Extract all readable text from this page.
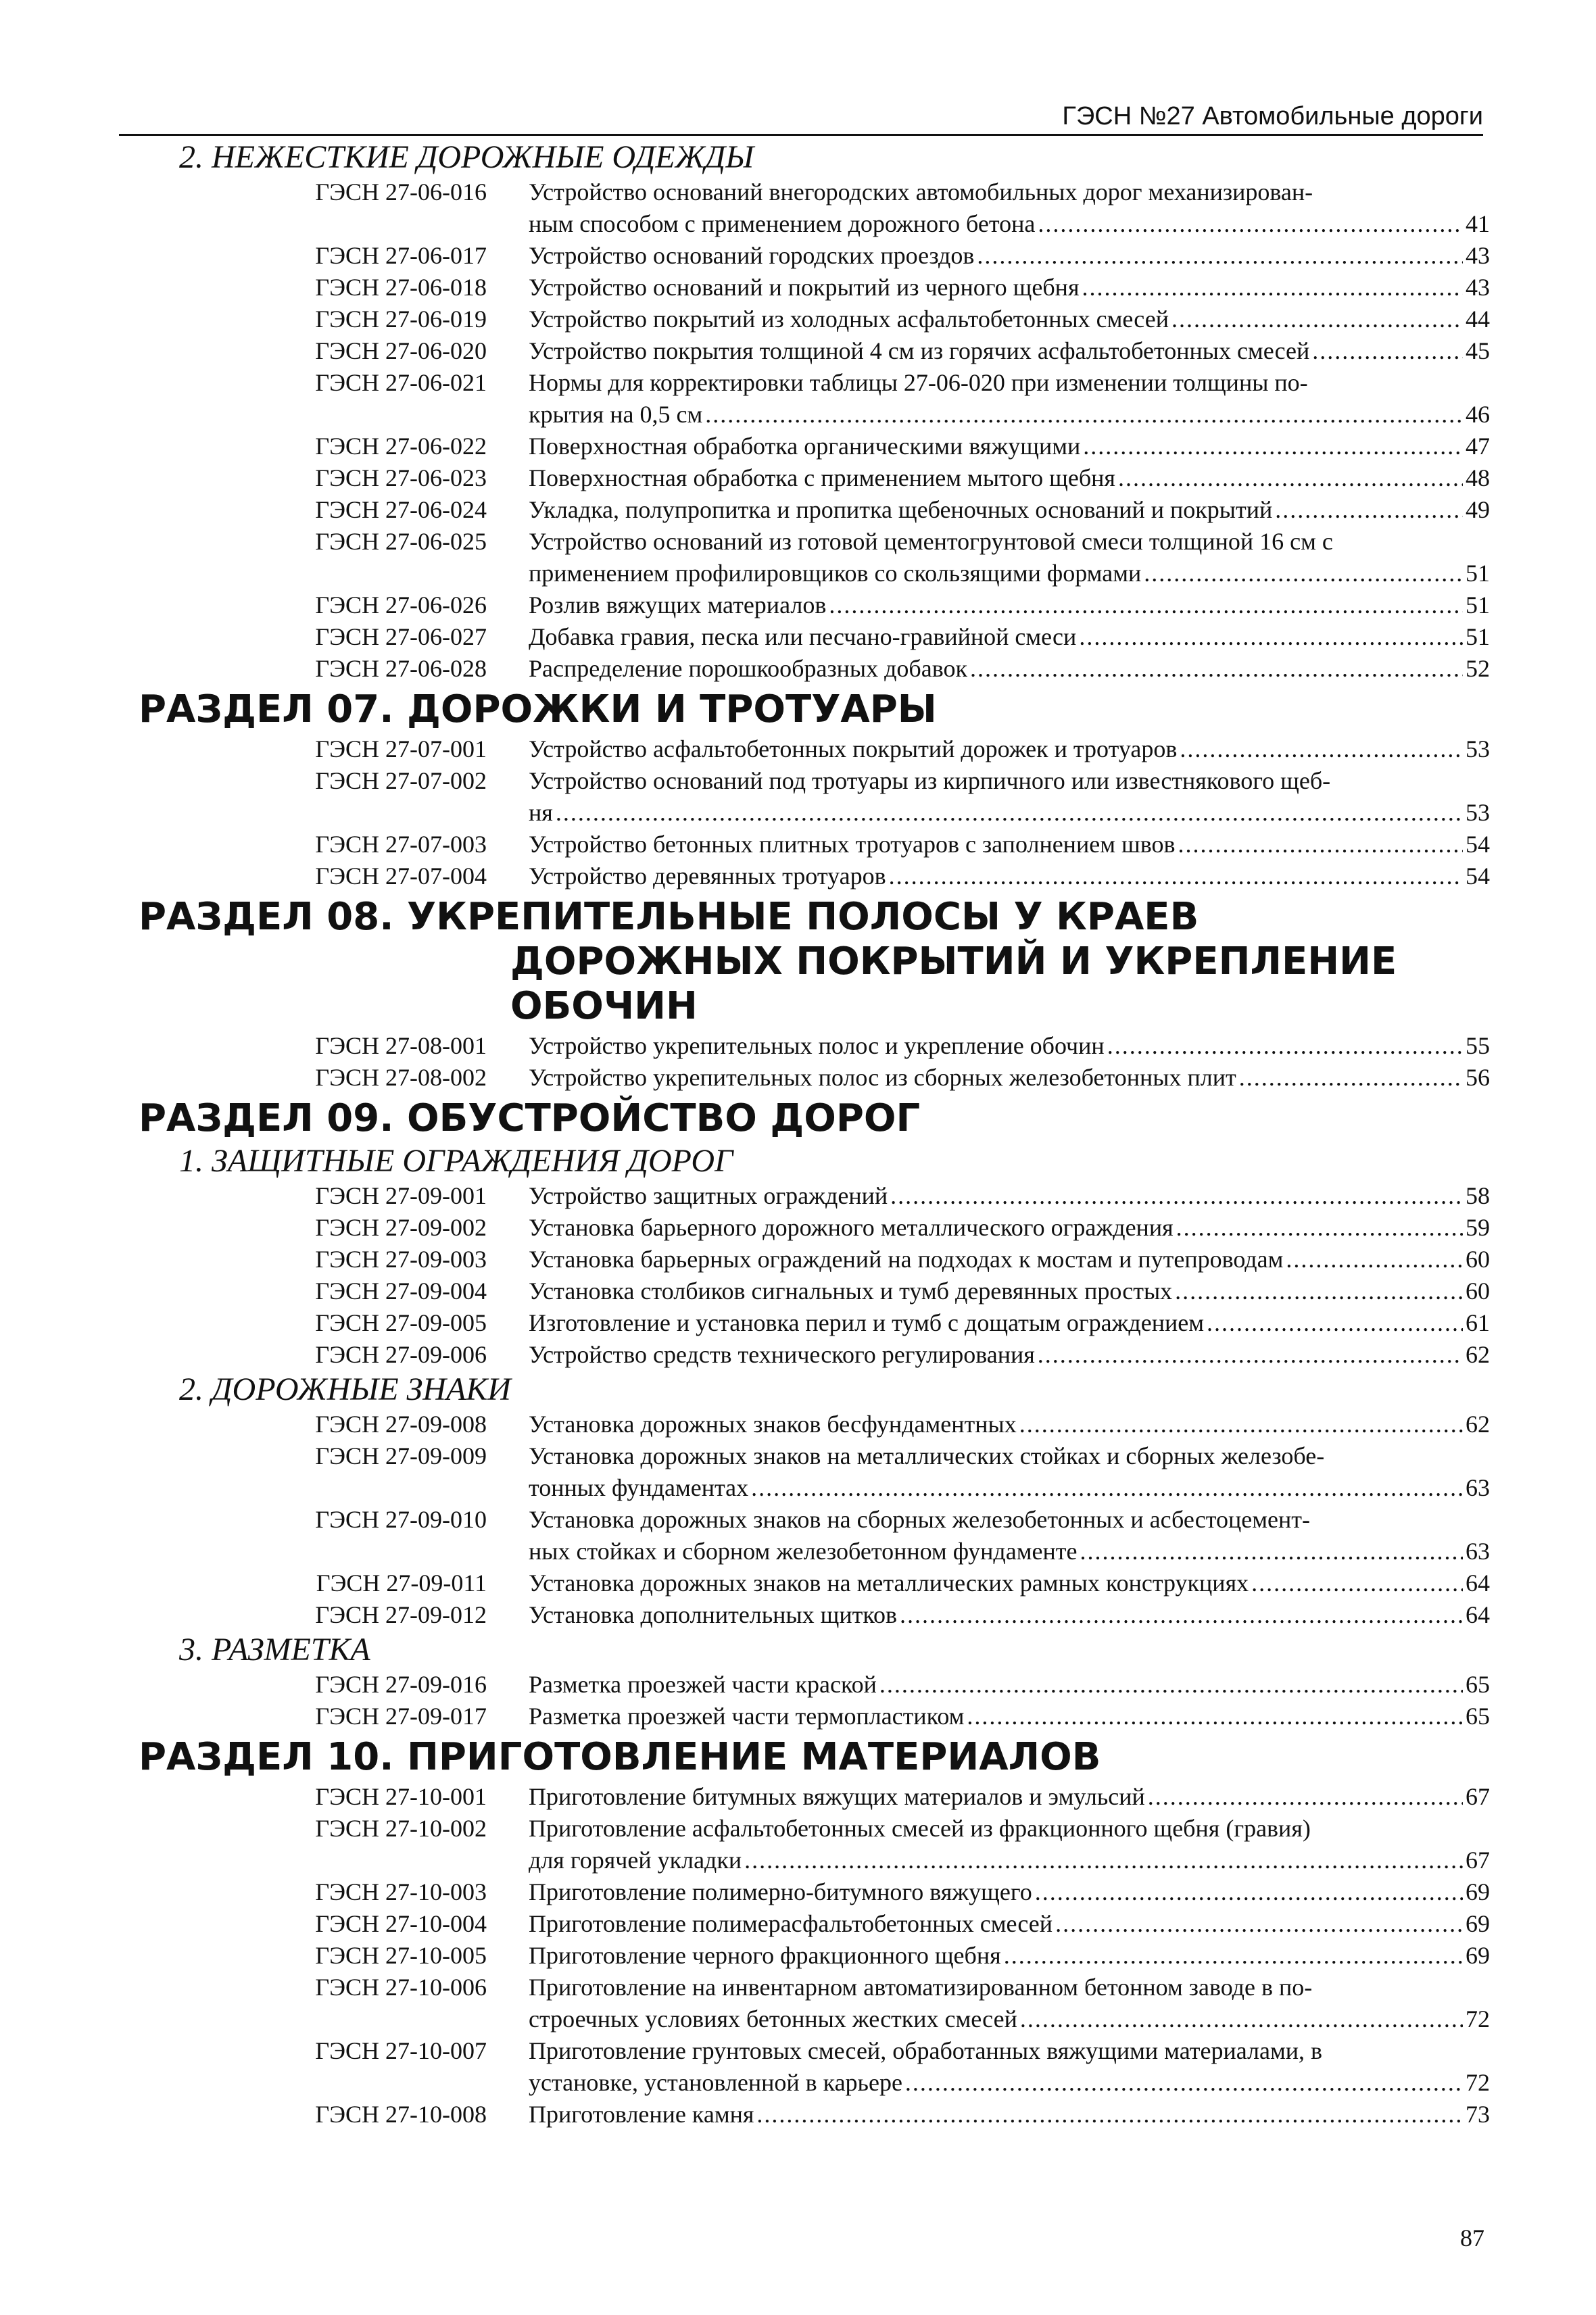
ГЭСН №27 Автомобильные дороги
2. НЕЖЕСТКИЕ ДОРОЖНЫЕ ОДЕЖДЫ
ГЭСН 27-06-016 Устройство оснований внегородских автомобильных дорог механизирован-
ным способом с применением дорожного бетона .....	41
ГЭСН 27-06-017 Устройство оснований городских проездов .....	43
ГЭСН 27-06-018 Устройство оснований и покрытий из черного щебня .....	43
ГЭСН 27-06-019 Устройство покрытий из холодных асфальтобетонных смесей .....	44
ГЭСН 27-06-020 Устройство покрытия толщиной 4 см из горячих асфальтобетонных смесей .....	45
ГЭСН 27-06-021 Нормы для корректировки таблицы 27-06-020 при изменении толщины по-
крытия на 0,5 см .....	46
ГЭСН 27-06-022 Поверхностная обработка органическими вяжущими .....	47
ГЭСН 27-06-023 Поверхностная обработка с применением мытого щебня .....	48
ГЭСН 27-06-024 Укладка, полупропитка и пропитка щебеночных оснований и покрытий .....	49
ГЭСН 27-06-025 Устройство оснований из готовой цементогрунтовой смеси толщиной 16 см с
применением профилировщиков со скользящими формами .....	51
ГЭСН 27-06-026 Розлив вяжущих материалов .....	51
ГЭСН 27-06-027 Добавка гравия, песка или песчано-гравийной смеси .....	51
ГЭСН 27-06-028 Распределение порошкообразных добавок .....	52
РАЗДЕЛ 07. ДОРОЖКИ И ТРОТУАРЫ
ГЭСН 27-07-001 Устройство асфальтобетонных покрытий дорожек и тротуаров .....	53
ГЭСН 27-07-002 Устройство оснований под тротуары из кирпичного или известнякового щеб-
ня .....	53
ГЭСН 27-07-003 Устройство бетонных плитных тротуаров с заполнением швов .....	54
ГЭСН 27-07-004 Устройство деревянных тротуаров .....	54
РАЗДЕЛ 08. УКРЕПИТЕЛЬНЫЕ ПОЛОСЫ У КРАЕВ
ДОРОЖНЫХ ПОКРЫТИЙ И УКРЕПЛЕНИЕ
ОБОЧИН
ГЭСН 27-08-001 Устройство укрепительных полос и укрепление обочин .....	55
ГЭСН 27-08-002 Устройство укрепительных полос из сборных железобетонных плит .....	56
РАЗДЕЛ 09. ОБУСТРОЙСТВО ДОРОГ
1. ЗАЩИТНЫЕ ОГРАЖДЕНИЯ ДОРОГ
ГЭСН 27-09-001 Устройство защитных ограждений .....	58
ГЭСН 27-09-002 Установка барьерного дорожного металлического ограждения .....	59
ГЭСН 27-09-003 Установка барьерных ограждений на подходах к мостам и путепроводам .....	60
ГЭСН 27-09-004 Установка столбиков сигнальных и тумб деревянных простых .....	60
ГЭСН 27-09-005 Изготовление и установка перил и тумб с дощатым ограждением .....	61
ГЭСН 27-09-006 Устройство средств технического регулирования .....	62
2. ДОРОЖНЫЕ ЗНАКИ
ГЭСН 27-09-008 Установка дорожных знаков бесфундаментных .....	62
ГЭСН 27-09-009 Установка дорожных знаков на металлических стойках и сборных железобе-
тонных фундаментах .....	63
ГЭСН 27-09-010 Установка дорожных знаков на сборных железобетонных и асбестоцемент-
ных стойках и сборном железобетонном фундаменте .....	63
ГЭСН 27-09-011 Установка дорожных знаков на металлических рамных конструкциях .....	64
ГЭСН 27-09-012 Установка дополнительных щитков .....	64
3. РАЗМЕТКА
ГЭСН 27-09-016 Разметка проезжей части краской .....	65
ГЭСН 27-09-017 Разметка проезжей части термопластиком .....	65
РАЗДЕЛ 10. ПРИГОТОВЛЕНИЕ МАТЕРИАЛОВ
ГЭСН 27-10-001 Приготовление битумных вяжущих материалов и эмульсий .....	67
ГЭСН 27-10-002 Приготовление асфальтобетонных смесей из фракционного щебня (гравия)
для горячей укладки .....	67
ГЭСН 27-10-003 Приготовление полимерно-битумного вяжущего .....	69
ГЭСН 27-10-004 Приготовление полимерасфальтобетонных смесей .....	69
ГЭСН 27-10-005 Приготовление черного фракционного щебня .....	69
ГЭСН 27-10-006 Приготовление на инвентарном автоматизированном бетонном заводе в по-
строечных условиях бетонных жестких смесей .....	72
ГЭСН 27-10-007 Приготовление грунтовых смесей, обработанных вяжущими материалами, в
установке, установленной в карьере .....	72
ГЭСН 27-10-008 Приготовление камня .....	73
87
